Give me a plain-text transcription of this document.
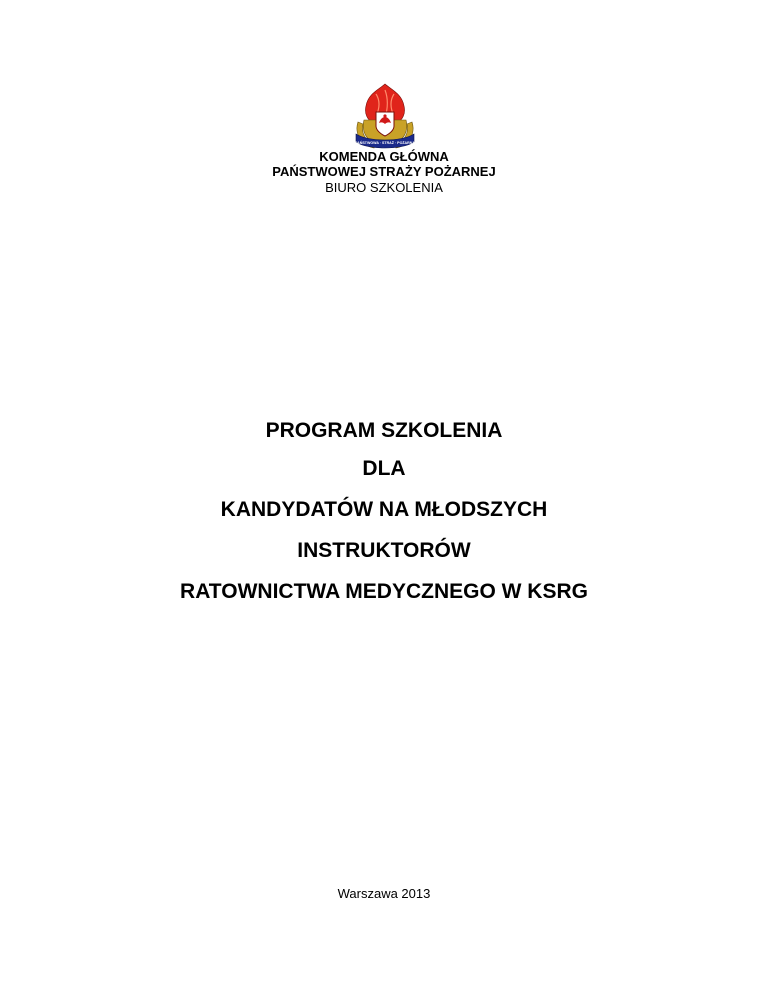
PAŃSTWOWA · STRAŻ · POŻARNA
KOMENDA GŁÓWNA
PAŃSTWOWEJ STRAŻY POŻARNEJ
BIURO SZKOLENIA
PROGRAM SZKOLENIA
DLA
KANDYDATÓW NA MŁODSZYCH
INSTRUKTORÓW
RATOWNICTWA MEDYCZNEGO W KSRG
Warszawa 2013
